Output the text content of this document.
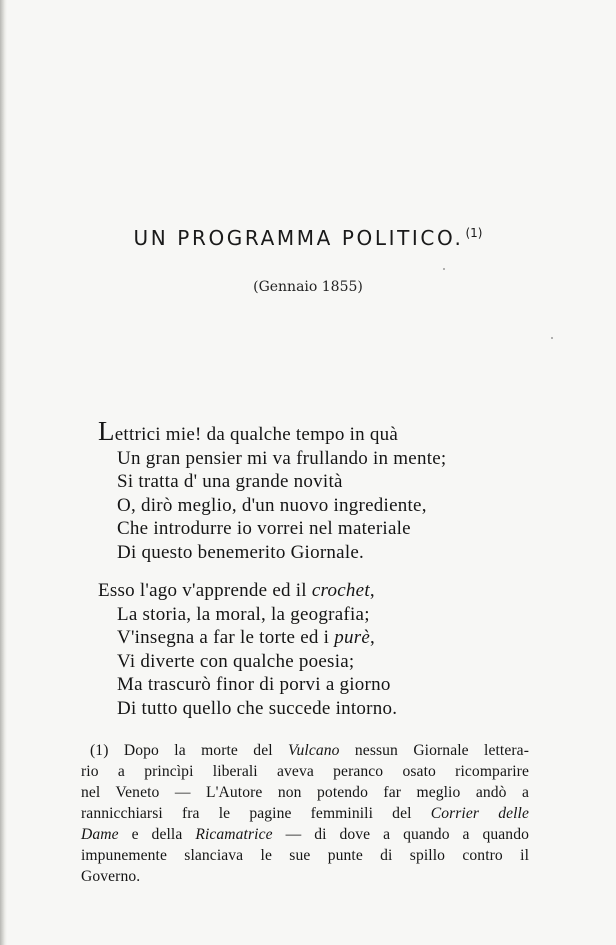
UN PROGRAMMA POLITICO. $^{(1)}$
(Gennaio 1855)
Lettrici mie! da qualche tempo in quà
Un gran pensier mi va frullando in mente;
Si tratta d' una grande novità
O, dirò meglio, d'un nuovo ingrediente,
Che introdurre io vorrei nel materiale
Di questo benemerito Giornale.
Esso l'ago v'apprende ed il crochet,
La storia, la moral, la geografia;
V'insegna a far le torte ed i purè,
Vi diverte con qualche poesia;
Ma trascurò finor di porvi a giorno
Di tutto quello che succede intorno.
(1) Dopo la morte del Vulcano nessun Giornale lettera-
rio a princìpi liberali aveva peranco osato ricomparire
nel Veneto — L'Autore non potendo far meglio andò a
rannicchiarsi fra le pagine femminili del Corrier delle
Dame e della Ricamatrice — di dove a quando a quando
impunemente slanciava le sue punte di spillo contro il
Governo.
